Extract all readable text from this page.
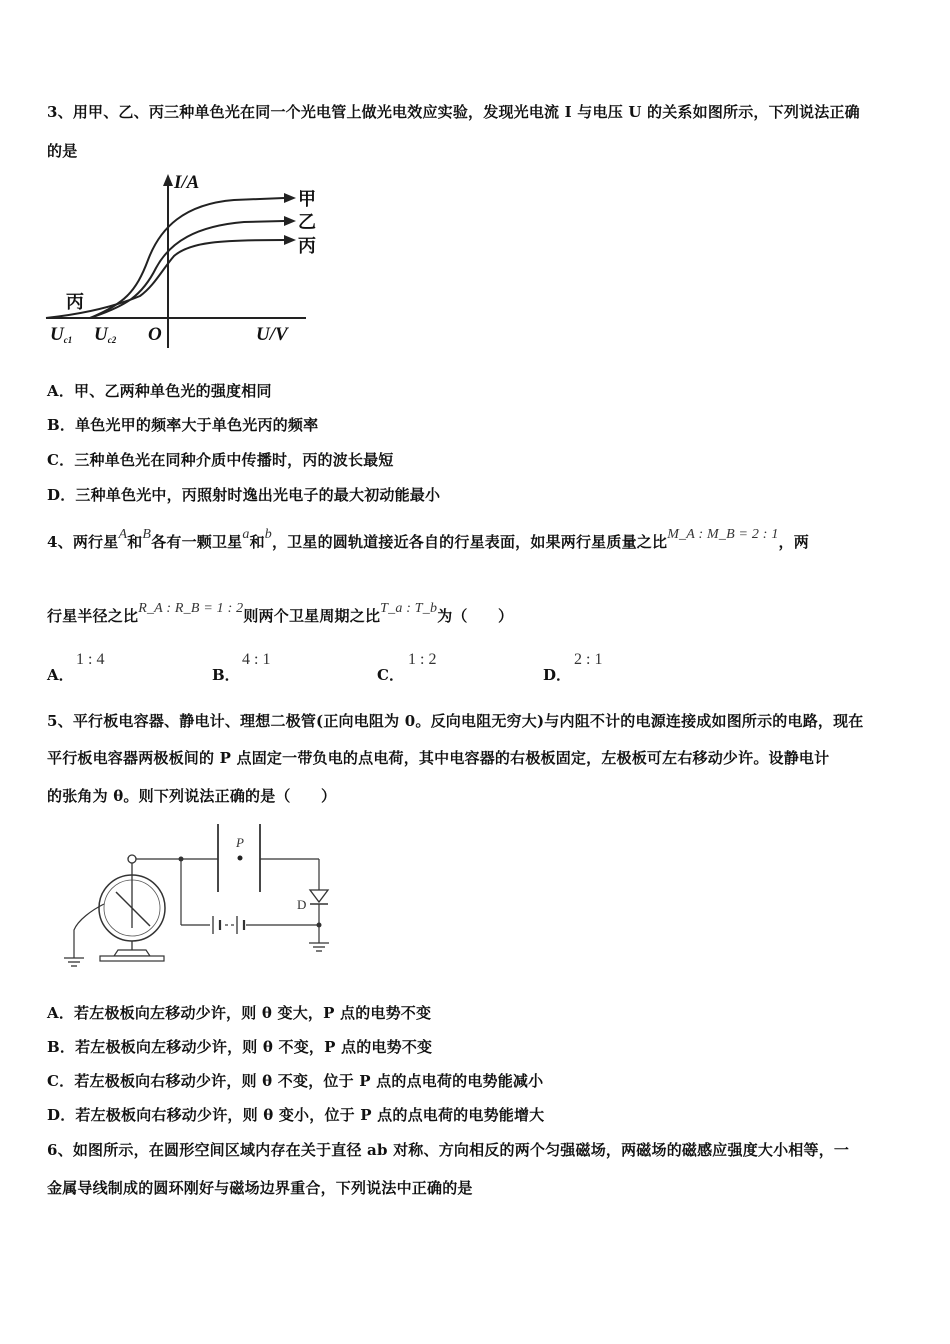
3、用甲、乙、丙三种单色光在同一个光电管上做光电效应实验，发现光电流 I 与电压 U 的关系如图所示，下列说法正确
的是
I/A
甲
乙
丙
丙
Uc1 Uc2 O	U/V
A．甲、乙两种单色光的强度相同
B．单色光甲的频率大于单色光丙的频率
C．三种单色光在同种介质中传播时，丙的波长最短
D．三种单色光中，丙照射时逸出光电子的最大初动能最小
4、两行星A和B各有一颗卫星a和b，卫星的圆轨道接近各自的行星表面，如果两行星质量之比M_A : M_B = 2 : 1，两
行星半径之比R_A : R_B = 1 : 2则两个卫星周期之比T_a : T_b为（　　）
A．
1 : 4
B．
4 : 1
C．
1 : 2
D．
2 : 1
5、平行板电容器、静电计、理想二极管(正向电阻为 0。反向电阻无穷大)与内阻不计的电源连接成如图所示的电路，现在
平行板电容器两极板间的 P 点固定一带负电的点电荷，其中电容器的右极板固定，左极板可左右移动少许。设静电计
的张角为 θ。则下列说法正确的是（　　）
P
D
A．若左极板向左移动少许，则 θ 变大，P 点的电势不变
B．若左极板向左移动少许，则 θ 不变，P 点的电势不变
C．若左极板向右移动少许，则 θ 不变，位于 P 点的点电荷的电势能减小
D．若左极板向右移动少许，则 θ 变小，位于 P 点的点电荷的电势能增大
6、如图所示，在圆形空间区域内存在关于直径 ab 对称、方向相反的两个匀强磁场，两磁场的磁感应强度大小相等，一
金属导线制成的圆环刚好与磁场边界重合，下列说法中正确的是
